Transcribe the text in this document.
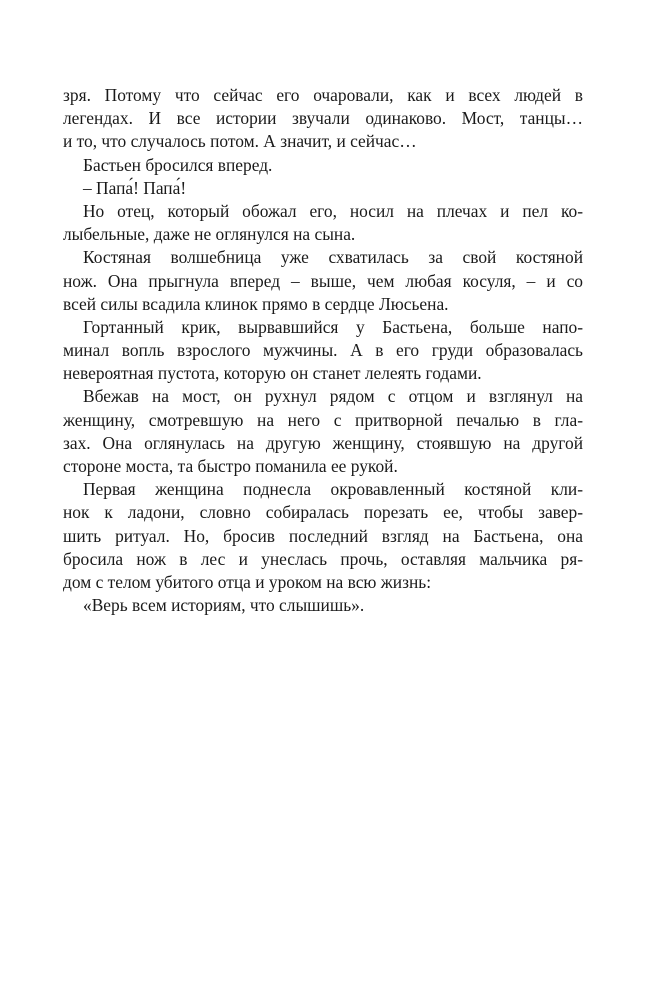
зря. Потому что сейчас его очаровали, как и всех людей в
легендах. И все истории звучали одинаково. Мост, танцы…
и то, что случалось потом. А значит, и сейчас…
Бастьен бросился вперед.
– Папа́! Папа́!
Но отец, который обожал его, носил на плечах и пел ко-
лыбельные, даже не оглянулся на сына.
Костяная волшебница уже схватилась за свой костяной
нож. Она прыгнула вперед – выше, чем любая косуля, – и со
всей силы всадила клинок прямо в сердце Люсьена.
Гортанный крик, вырвавшийся у Бастьена, больше напо-
минал вопль взрослого мужчины. А в его груди образовалась
невероятная пустота, которую он станет лелеять годами.
Вбежав на мост, он рухнул рядом с отцом и взглянул на
женщину, смотревшую на него с притворной печалью в гла-
зах. Она оглянулась на другую женщину, стоявшую на другой
стороне моста, та быстро поманила ее рукой.
Первая женщина поднесла окровавленный костяной кли-
нок к ладони, словно собиралась порезать ее, чтобы завер-
шить ритуал. Но, бросив последний взгляд на Бастьена, она
бросила нож в лес и унеслась прочь, оставляя мальчика ря-
дом с телом убитого отца и уроком на всю жизнь:
«Верь всем историям, что слышишь».
